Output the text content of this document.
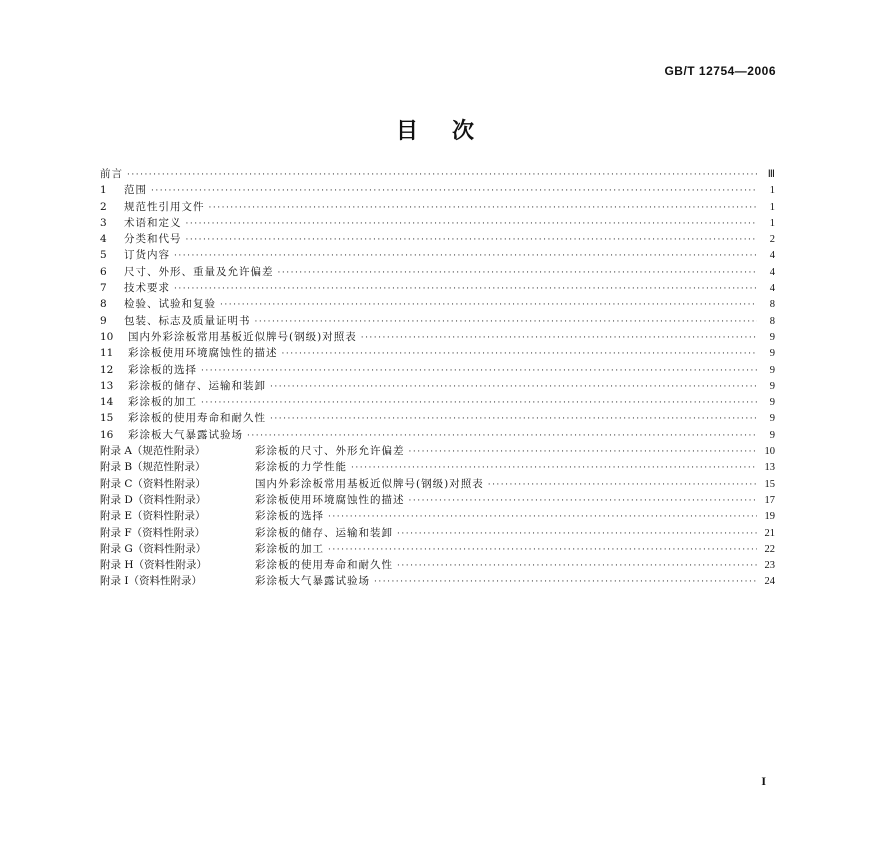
GB/T 12754—2006
目次
前言 ·····	Ⅲ
1	范围 ·····	1
2	规范性引用文件 ·····	1
3	术语和定义 ·····	1
4	分类和代号 ·····	2
5	订货内容 ·····	4
6	尺寸、外形、重量及允许偏差 ·····	4
7	技术要求 ·····	4
8	检验、试验和复验 ·····	8
9	包装、标志及质量证明书 ·····	8
10	国内外彩涂板常用基板近似牌号(钢级)对照表 ·····	9
11	彩涂板使用环境腐蚀性的描述 ·····	9
12	彩涂板的选择 ·····	9
13	彩涂板的储存、运输和装卸 ·····	9
14	彩涂板的加工 ·····	9
15	彩涂板的使用寿命和耐久性 ·····	9
16	彩涂板大气暴露试验场 ·····	9
附录 A（规范性附录）	彩涂板的尺寸、外形允许偏差 ·····	10
附录 B（规范性附录）	彩涂板的力学性能 ·····	13
附录 C（资料性附录）	国内外彩涂板常用基板近似牌号(钢级)对照表 ·····	15
附录 D（资料性附录）	彩涂板使用环境腐蚀性的描述 ·····	17
附录 E（资料性附录）	彩涂板的选择 ·····	19
附录 F（资料性附录）	彩涂板的储存、运输和装卸 ·····	21
附录 G（资料性附录）	彩涂板的加工 ·····	22
附录 H（资料性附录）	彩涂板的使用寿命和耐久性 ·····	23
附录 I（资料性附录）	彩涂板大气暴露试验场 ·····	24
I
